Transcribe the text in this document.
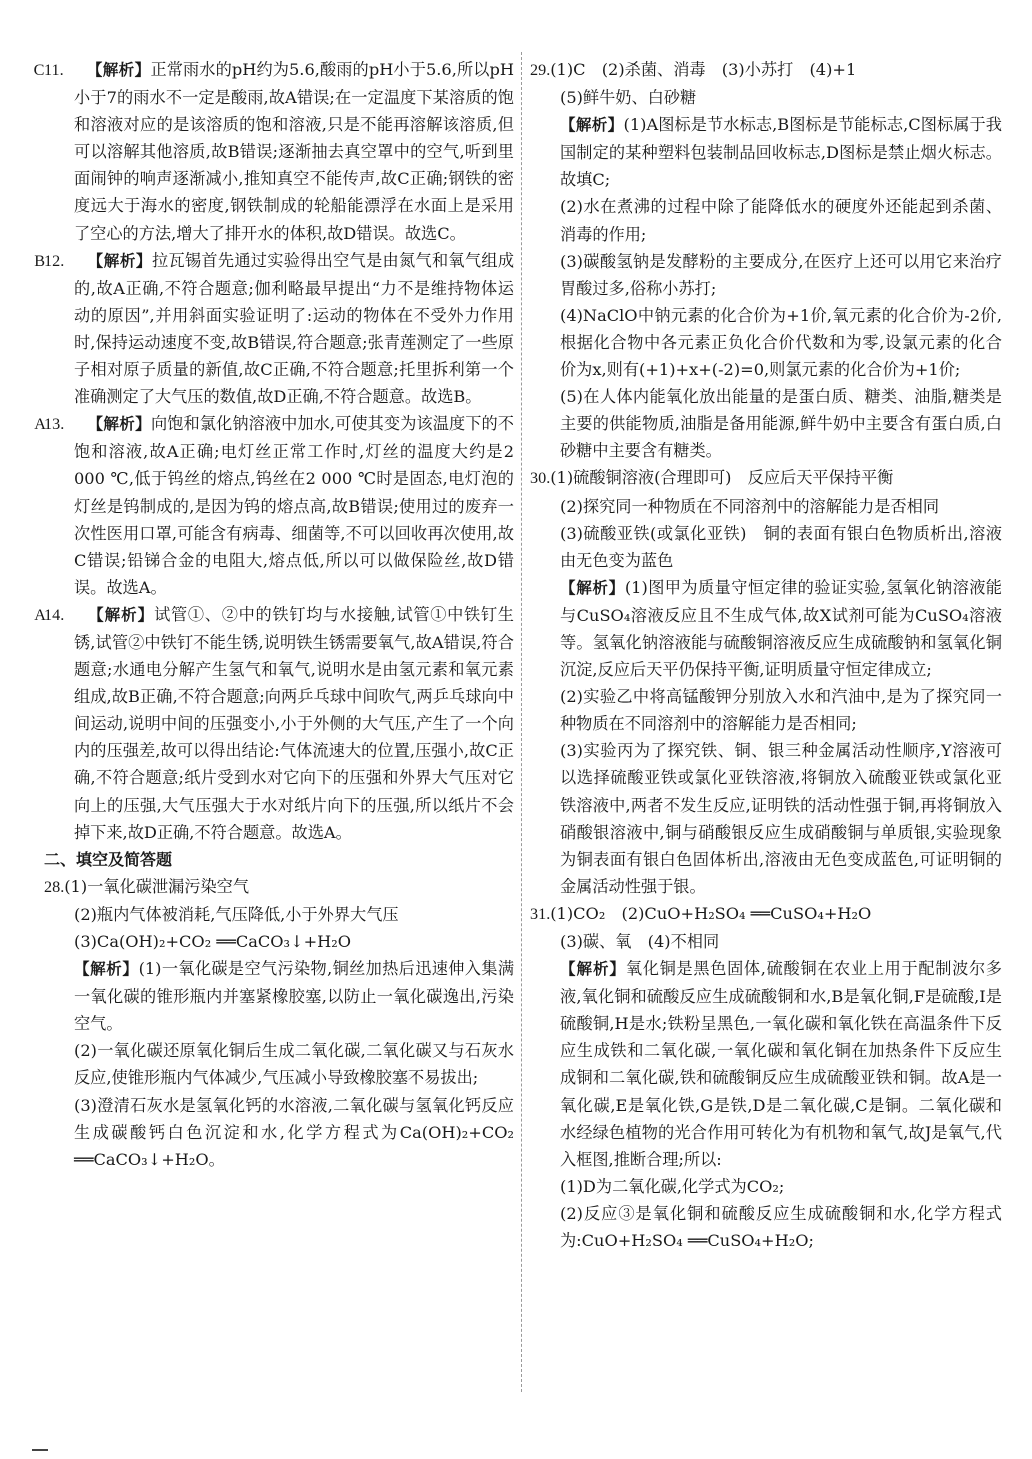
11.C	【解析】正常雨水的pH约为5.6,酸雨的pH小于5.6,所以pH小于7的雨水不一定是酸雨,故A错误;在一定温度下某溶质的饱和溶液对应的是该溶质的饱和溶液,只是不能再溶解该溶质,但可以溶解其他溶质,故B错误;逐渐抽去真空罩中的空气,听到里面闹钟的响声逐渐减小,推知真空不能传声,故C正确;钢铁的密度远大于海水的密度,钢铁制成的轮船能漂浮在水面上是采用了空心的方法,增大了排开水的体积,故D错误。故选C。

12.B	【解析】拉瓦锡首先通过实验得出空气是由氮气和氧气组成的,故A正确,不符合题意;伽利略最早提出“力不是维持物体运动的原因”,并用斜面实验证明了:运动的物体在不受外力作用时,保持运动速度不变,故B错误,符合题意;张青莲测定了一些原子相对原子质量的新值,故C正确,不符合题意;托里拆利第一个准确测定了大气压的数值,故D正确,不符合题意。故选B。

13.A	【解析】向饱和氯化钠溶液中加水,可使其变为该温度下的不饱和溶液,故A正确;电灯丝正常工作时,灯丝的温度大约是2 000 ℃,低于钨丝的熔点,钨丝在2 000 ℃时是固态,电灯泡的灯丝是钨制成的,是因为钨的熔点高,故B错误;使用过的废弃一次性医用口罩,可能含有病毒、细菌等,不可以回收再次使用,故C错误;铅锑合金的电阻大,熔点低,所以可以做保险丝,故D错误。故选A。

14.A	【解析】试管①、②中的铁钉均与水接触,试管①中铁钉生锈,试管②中铁钉不能生锈,说明铁生锈需要氧气,故A错误,符合题意;水通电分解产生氢气和氧气,说明水是由氢元素和氧元素组成,故B正确,不符合题意;向两乒乓球中间吹气,两乒乓球向中间运动,说明中间的压强变小,小于外侧的大气压,产生了一个向内的压强差,故可以得出结论:气体流速大的位置,压强小,故C正确,不符合题意;纸片受到水对它向下的压强和外界大气压对它向上的压强,大气压强大于水对纸片向下的压强,所以纸片不会掉下来,故D正确,不符合题意。故选A。

二、填空及简答题

28.(1)一氧化碳泄漏污染空气

(2)瓶内气体被消耗,气压降低,小于外界大气压

(3)Ca(OH)₂+CO₂ ══CaCO₃↓+H₂O

【解析】(1)一氧化碳是空气污染物,铜丝加热后迅速伸入集满一氧化碳的锥形瓶内并塞紧橡胶塞,以防止一氧化碳逸出,污染空气。

(2)一氧化碳还原氧化铜后生成二氧化碳,二氧化碳又与石灰水反应,使锥形瓶内气体减少,气压减小导致橡胶塞不易拔出;

(3)澄清石灰水是氢氧化钙的水溶液,二氧化碳与氢氧化钙反应生成碳酸钙白色沉淀和水,化学方程式为Ca(OH)₂+CO₂ ══CaCO₃↓+H₂O。

29.(1)C　(2)杀菌、消毒　(3)小苏打　(4)+1

(5)鲜牛奶、白砂糖

【解析】(1)A图标是节水标志,B图标是节能标志,C图标属于我国制定的某种塑料包装制品回收标志,D图标是禁止烟火标志。故填C;

(2)水在煮沸的过程中除了能降低水的硬度外还能起到杀菌、消毒的作用;

(3)碳酸氢钠是发酵粉的主要成分,在医疗上还可以用它来治疗胃酸过多,俗称小苏打;

(4)NaClO中钠元素的化合价为+1价,氧元素的化合价为-2价,根据化合物中各元素正负化合价代数和为零,设氯元素的化合价为x,则有(+1)+x+(-2)=0,则氯元素的化合价为+1价;

(5)在人体内能氧化放出能量的是蛋白质、糖类、油脂,糖类是主要的供能物质,油脂是备用能源,鲜牛奶中主要含有蛋白质,白砂糖中主要含有糖类。

30.(1)硫酸铜溶液(合理即可)　反应后天平保持平衡

(2)探究同一种物质在不同溶剂中的溶解能力是否相同

(3)硫酸亚铁(或氯化亚铁)　铜的表面有银白色物质析出,溶液由无色变为蓝色

【解析】(1)图甲为质量守恒定律的验证实验,氢氧化钠溶液能与CuSO₄溶液反应且不生成气体,故X试剂可能为CuSO₄溶液等。氢氧化钠溶液能与硫酸铜溶液反应生成硫酸钠和氢氧化铜沉淀,反应后天平仍保持平衡,证明质量守恒定律成立;

(2)实验乙中将高锰酸钾分别放入水和汽油中,是为了探究同一种物质在不同溶剂中的溶解能力是否相同;

(3)实验丙为了探究铁、铜、银三种金属活动性顺序,Y溶液可以选择硫酸亚铁或氯化亚铁溶液,将铜放入硫酸亚铁或氯化亚铁溶液中,两者不发生反应,证明铁的活动性强于铜,再将铜放入硝酸银溶液中,铜与硝酸银反应生成硝酸铜与单质银,实验现象为铜表面有银白色固体析出,溶液由无色变成蓝色,可证明铜的金属活动性强于银。

31.(1)CO₂　(2)CuO+H₂SO₄ ══CuSO₄+H₂O

(3)碳、氧　(4)不相同

【解析】氧化铜是黑色固体,硫酸铜在农业上用于配制波尔多液,氧化铜和硫酸反应生成硫酸铜和水,B是氧化铜,F是硫酸,I是硫酸铜,H是水;铁粉呈黑色,一氧化碳和氧化铁在高温条件下反应生成铁和二氧化碳,一氧化碳和氧化铜在加热条件下反应生成铜和二氧化碳,铁和硫酸铜反应生成硫酸亚铁和铜。故A是一氧化碳,E是氧化铁,G是铁,D是二氧化碳,C是铜。二氧化碳和水经绿色植物的光合作用可转化为有机物和氧气,故J是氧气,代入框图,推断合理;所以:

(1)D为二氧化碳,化学式为CO₂;

(2)反应③是氧化铜和硫酸反应生成硫酸铜和水,化学方程式为:CuO+H₂SO₄ ══CuSO₄+H₂O;
